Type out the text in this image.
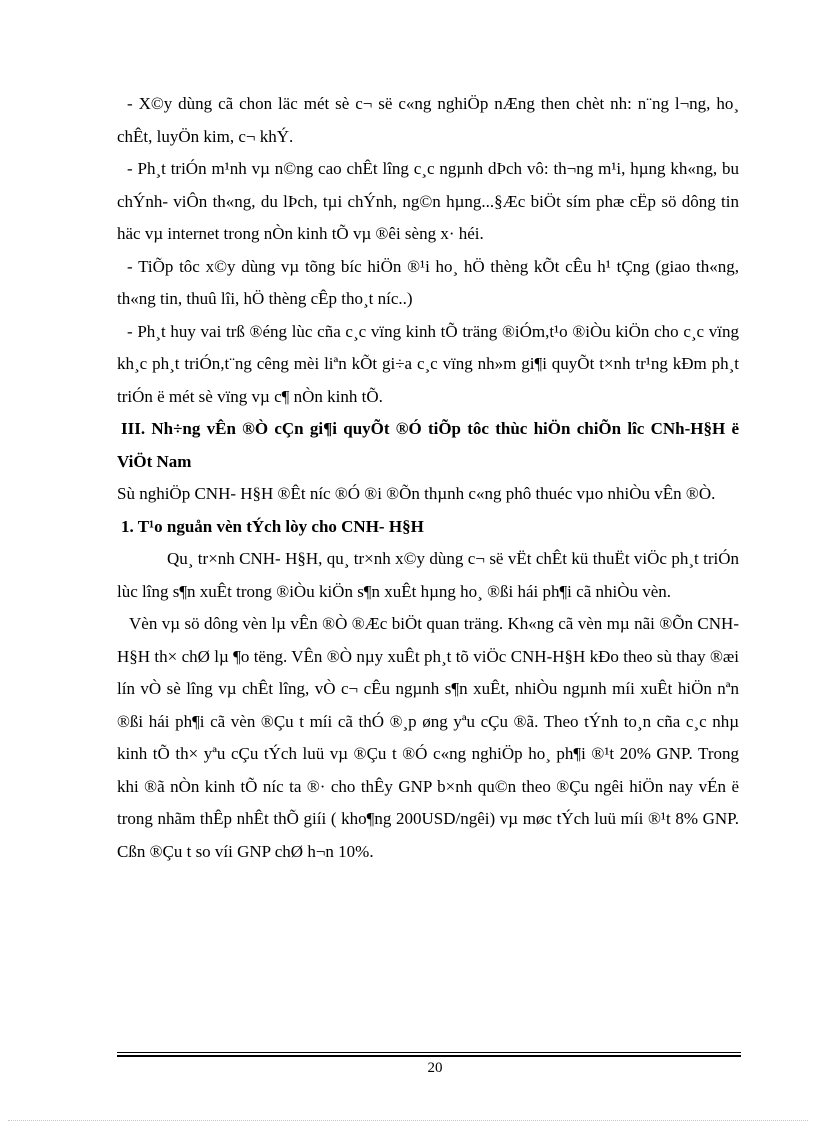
- X©y dùng cã chon läc mét sè c¬ së c«ng nghiÖp nÆng then chèt nh: n¨ng l¬ng, ho¸ chÊt, luyÖn kim, c¬ khÝ.

- Ph¸t triÓn m¹nh vµ n©ng cao chÊt lîng c¸c ngµnh dÞch vô: th¬ng m¹i, hµng kh«ng, bu chÝnh- viÔn th«ng, du lÞch, tµi chÝnh, ng©n hµng...§Æc biÖt sím phæ cËp sö dông tin häc vµ internet trong nÒn kinh tÕ vµ ®êi sèng x· héi.

- TiÕp tôc x©y dùng vµ tõng bíc hiÖn ®¹i ho¸ hÖ thèng kÕt cÊu h¹ tÇng (giao th«ng, th«ng tin, thuû lîi, hÖ thèng cÊp tho¸t níc..)

- Ph¸t huy vai trß ®éng lùc cña c¸c vïng kinh tÕ träng ®iÓm,t¹o ®iÒu kiÖn cho c¸c vïng kh¸c ph¸t triÓn,t¨ng cêng mèi liªn kÕt gi÷a c¸c vïng nh»m gi¶i quyÕt t×nh tr¹ng kÐm ph¸t triÓn ë mét sè vïng vµ c¶ nÒn kinh tÕ.

III. Nh÷ng vÊn ®Ò cÇn gi¶i quyÕt ®Ó tiÕp tôc thùc hiÖn chiÕn lîc CNh-H§H ë ViÖt Nam

Sù nghiÖp CNH- H§H ®Êt níc ®Ó ®i ®Õn thµnh c«ng phô thuéc vµo nhiÒu vÊn ®Ò.

1. T¹o nguån vèn tÝch lòy cho CNH- H§H

Qu¸ tr×nh CNH- H§H, qu¸ tr×nh x©y dùng c¬ së vËt chÊt kü thuËt viÖc ph¸t triÓn lùc lîng s¶n xuÊt trong ®iÒu kiÖn s¶n xuÊt hµng ho¸ ®ßi hái ph¶i cã nhiÒu vèn.

Vèn vµ sö dông vèn lµ vÊn ®Ò ®Æc biÖt quan träng. Kh«ng cã vèn mµ nãi ®Õn CNH- H§H th× chØ lµ ¶o tëng. VÊn ®Ò nµy xuÊt ph¸t tõ viÖc CNH-H§H kÐo theo sù thay ®æi lín vÒ sè lîng vµ chÊt lîng, vÒ c¬ cÊu ngµnh s¶n xuÊt, nhiÒu ngµnh míi xuÊt hiÖn nªn ®ßi hái ph¶i cã vèn ®Çu t míi cã thÓ ®¸p øng yªu cÇu ®ã. Theo tÝnh to¸n cña c¸c nhµ kinh tÕ th× yªu cÇu tÝch luü vµ ®Çu t ®Ó c«ng nghiÖp ho¸ ph¶i ®¹t 20% GNP. Trong khi ®ã nÒn kinh tÕ níc ta ®· cho thÊy GNP b×nh qu©n theo ®Çu ngêi hiÖn nay vÉn ë trong nhãm thÊp nhÊt thÕ giíi ( kho¶ng 200USD/ngêi) vµ møc tÝch luü míi ®¹t 8% GNP. Cßn ®Çu t so víi GNP chØ h¬n 10%.

20
